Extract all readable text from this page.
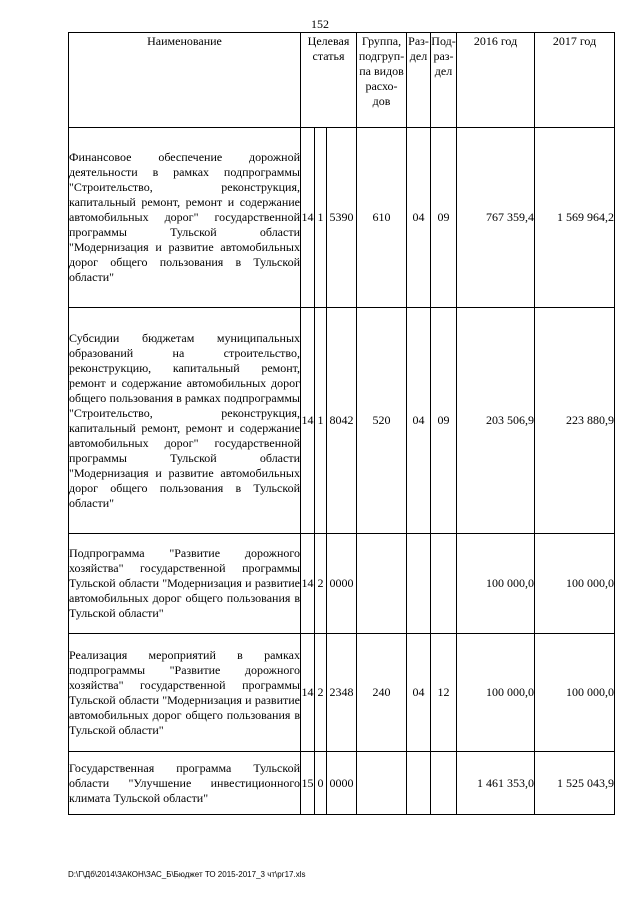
152
Наименование	Целевая статья			Группа, подгруп-па видов расхо-дов	Раз-дел	Под-раз-дел	2016 год	2017 год
Финансовое обеспечение дорожной деятельности в рамках подпрограммы "Строительство, реконструкция, капитальный ремонт, ремонт и содержание автомобильных дорог" государственной программы Тульской области "Модернизация и развитие автомобильных дорог общего пользования в Тульской области"	14	1	5390	610	04	09	767 359,4	1 569 964,2
Субсидии бюджетам муниципальных образований на строительство, реконструкцию, капитальный ремонт, ремонт и содержание автомобильных дорог общего пользования в рамках подпрограммы "Строительство, реконструкция, капитальный ремонт, ремонт и содержание автомобильных дорог" государственной программы Тульской области "Модернизация и развитие автомобильных дорог общего пользования в Тульской области"	14	1	8042	520	04	09	203 506,9	223 880,9
Подпрограмма "Развитие дорожного хозяйства" государственной программы Тульской области "Модернизация и развитие автомобильных дорог общего пользования в Тульской области"	14	2	0000				100 000,0	100 000,0
Реализация мероприятий в рамках подпрограммы "Развитие дорожного хозяйства" государственной программы Тульской области "Модернизация и развитие автомобильных дорог общего пользования в Тульской области"	14	2	2348	240	04	12	100 000,0	100 000,0
Государственная программа Тульской области "Улучшение инвестиционного климата Тульской области"	15	0	0000				1 461 353,0	1 525 043,9
D:\Г\Дб\2014\ЗАКОН\ЗАС_Б\Бюджет ТО 2015-2017_3 чт\рг17.xls
